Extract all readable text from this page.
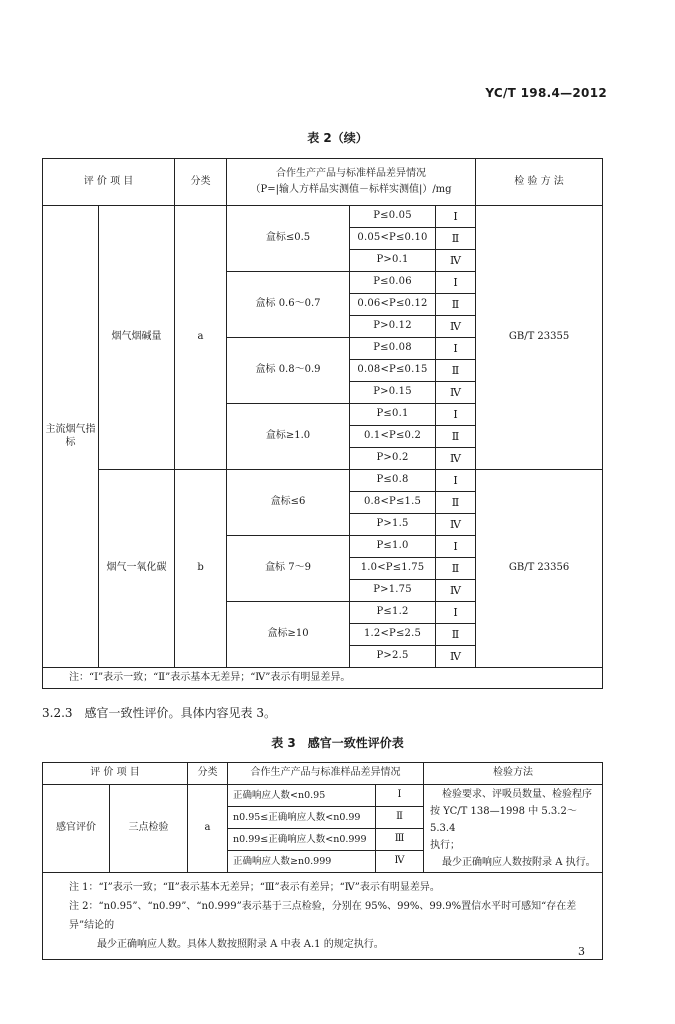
YC/T 198.4—2012
表 2（续）
评 价 项 目		分类	合作生产产品与标准样品差异情况
（P=|输人方样品实测值－标样实测值|）/mg			检 验 方 法
主流烟气指标	烟气烟碱量	a	盒标≤0.5	P≤0.05	Ⅰ	GB/T 23355
				0.05<P≤0.10	Ⅱ	
				P>0.1	Ⅳ	
			盒标 0.6～0.7	P≤0.06	Ⅰ	
				0.06<P≤0.12	Ⅱ	
				P>0.12	Ⅳ	
			盒标 0.8～0.9	P≤0.08	Ⅰ	
				0.08<P≤0.15	Ⅱ	
				P>0.15	Ⅳ	
			盒标≥1.0	P≤0.1	Ⅰ	
				0.1<P≤0.2	Ⅱ	
				P>0.2	Ⅳ	
	烟气一氧化碳	b	盒标≤6	P≤0.8	Ⅰ	GB/T 23356
				0.8<P≤1.5	Ⅱ	
				P>1.5	Ⅳ	
			盒标 7～9	P≤1.0	Ⅰ	
				1.0<P≤1.75	Ⅱ	
				P>1.75	Ⅳ	
			盒标≥10	P≤1.2	Ⅰ	
				1.2<P≤2.5	Ⅱ	
				P>2.5	Ⅳ	
注：“Ⅰ”表示一致；“Ⅱ”表示基本无差异；“Ⅳ”表示有明显差异。						
3.2.3　感官一致性评价。具体内容见表 3。
表 3　感官一致性评价表
评 价 项 目		分类	合作生产产品与标准样品差异情况		检验方法
感官评价	三点检验	a	正确响应人数<n0.95	Ⅰ	检验要求、评吸员数量、检验程序
按 YC/T 138—1998 中 5.3.2～5.3.4
执行；
最少正确响应人数按附录 A 执行。

			n0.95≤正确响应人数<n0.99	Ⅱ	
			n0.99≤正确响应人数<n0.999	Ⅲ	
			正确响应人数≥n0.999	Ⅳ	

注 1：“Ⅰ”表示一致；“Ⅱ”表示基本无差异；“Ⅲ”表示有差异；“Ⅳ”表示有明显差异。
注 2：“n0.95”、“n0.99”、“n0.999”表示基于三点检验，分别在 95%、99%、99.9%置信水平时可感知“存在差异”结论的
最少正确响应人数。具体人数按照附录 A 中表 A.1 的规定执行。					
3
